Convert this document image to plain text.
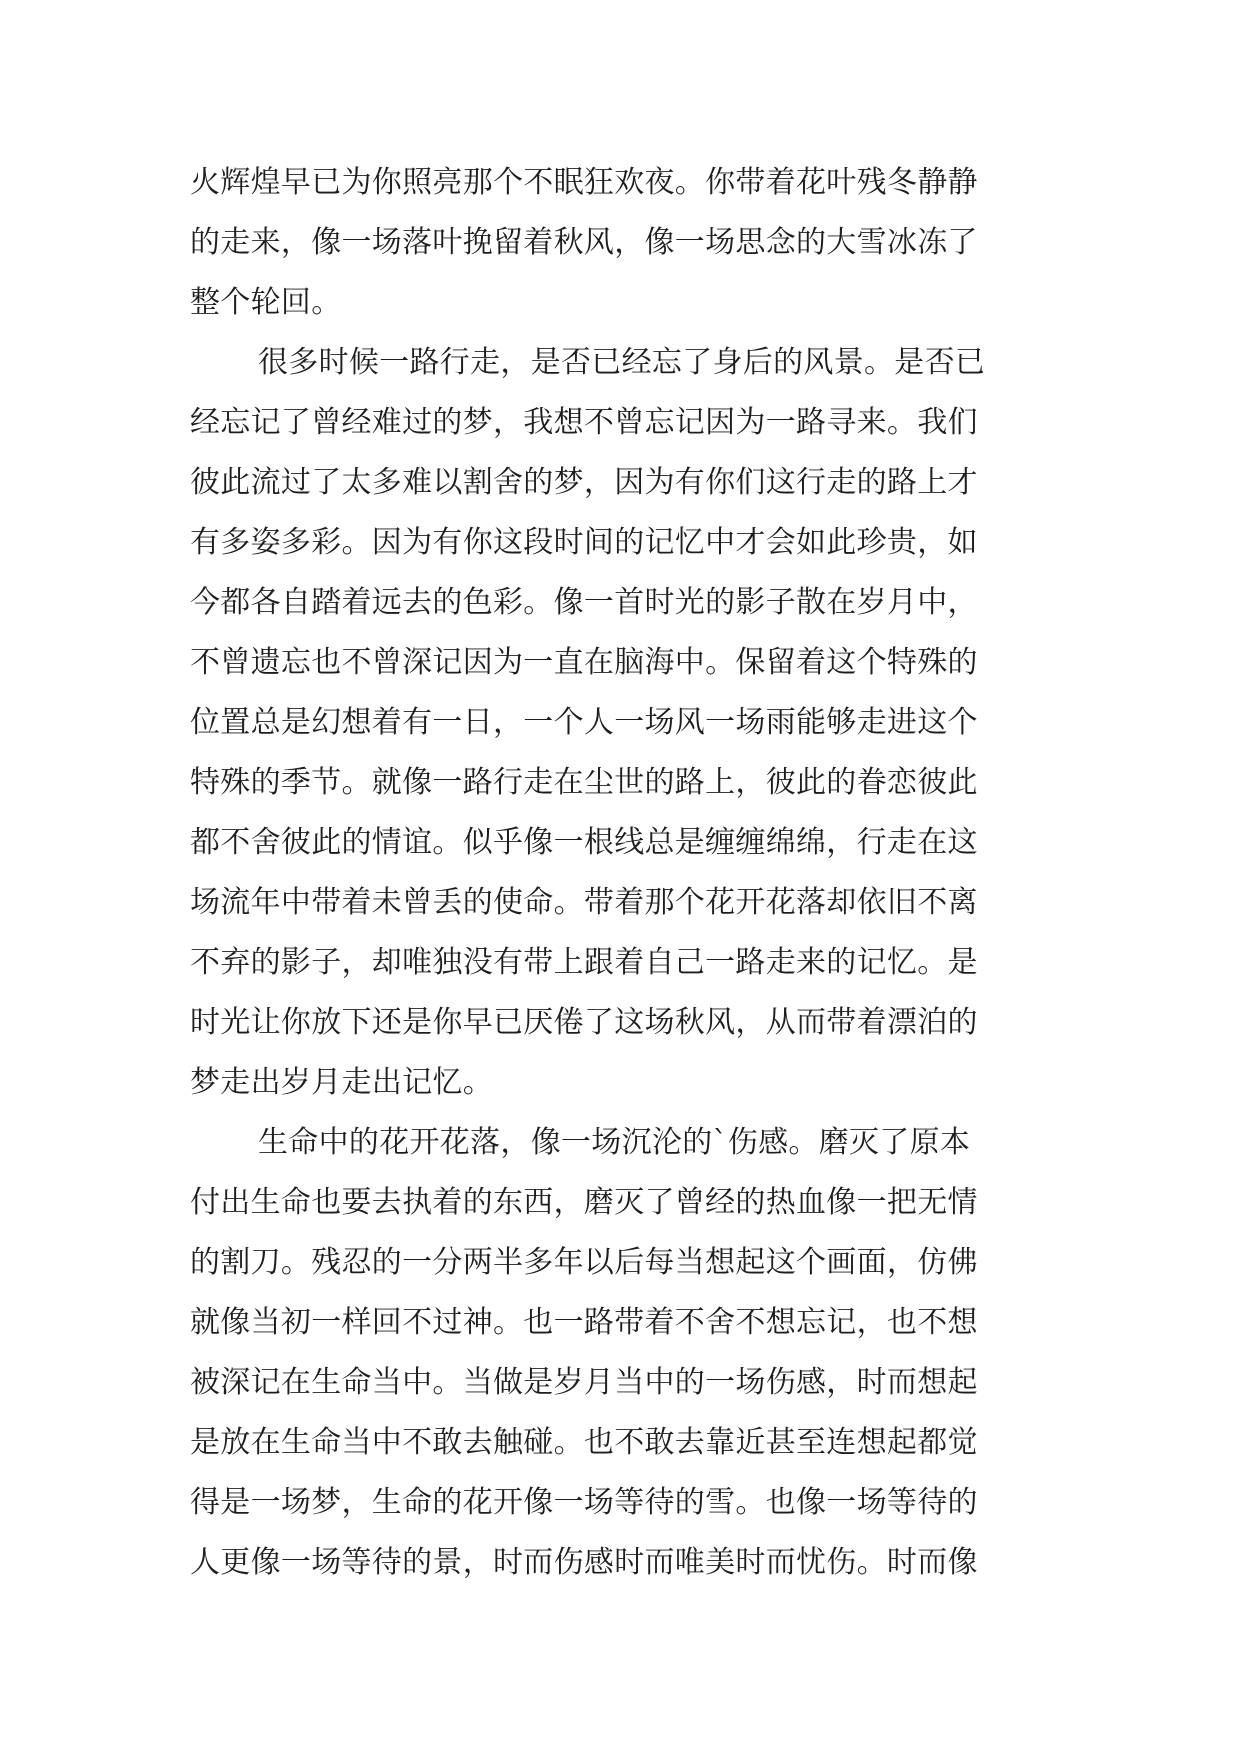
火辉煌早已为你照亮那个不眠狂欢夜。你带着花叶残冬静静
的走来，像一场落叶挽留着秋风，像一场思念的大雪冰冻了
整个轮回。
很多时候一路行走，是否已经忘了身后的风景。是否已
经忘记了曾经难过的梦，我想不曾忘记因为一路寻来。我们
彼此流过了太多难以割舍的梦，因为有你们这行走的路上才
有多姿多彩。因为有你这段时间的记忆中才会如此珍贵，如
今都各自踏着远去的色彩。像一首时光的影子散在岁月中，
不曾遗忘也不曾深记因为一直在脑海中。保留着这个特殊的
位置总是幻想着有一日，一个人一场风一场雨能够走进这个
特殊的季节。就像一路行走在尘世的路上，彼此的眷恋彼此
都不舍彼此的情谊。似乎像一根线总是缠缠绵绵，行走在这
场流年中带着未曾丢的使命。带着那个花开花落却依旧不离
不弃的影子，却唯独没有带上跟着自己一路走来的记忆。是
时光让你放下还是你早已厌倦了这场秋风，从而带着漂泊的
梦走出岁月走出记忆。
生命中的花开花落，像一场沉沦的`伤感。磨灭了原本
付出生命也要去执着的东西，磨灭了曾经的热血像一把无情
的割刀。残忍的一分两半多年以后每当想起这个画面，仿佛
就像当初一样回不过神。也一路带着不舍不想忘记，也不想
被深记在生命当中。当做是岁月当中的一场伤感，时而想起
是放在生命当中不敢去触碰。也不敢去靠近甚至连想起都觉
得是一场梦，生命的花开像一场等待的雪。也像一场等待的
人更像一场等待的景，时而伤感时而唯美时而忧伤。时而像
